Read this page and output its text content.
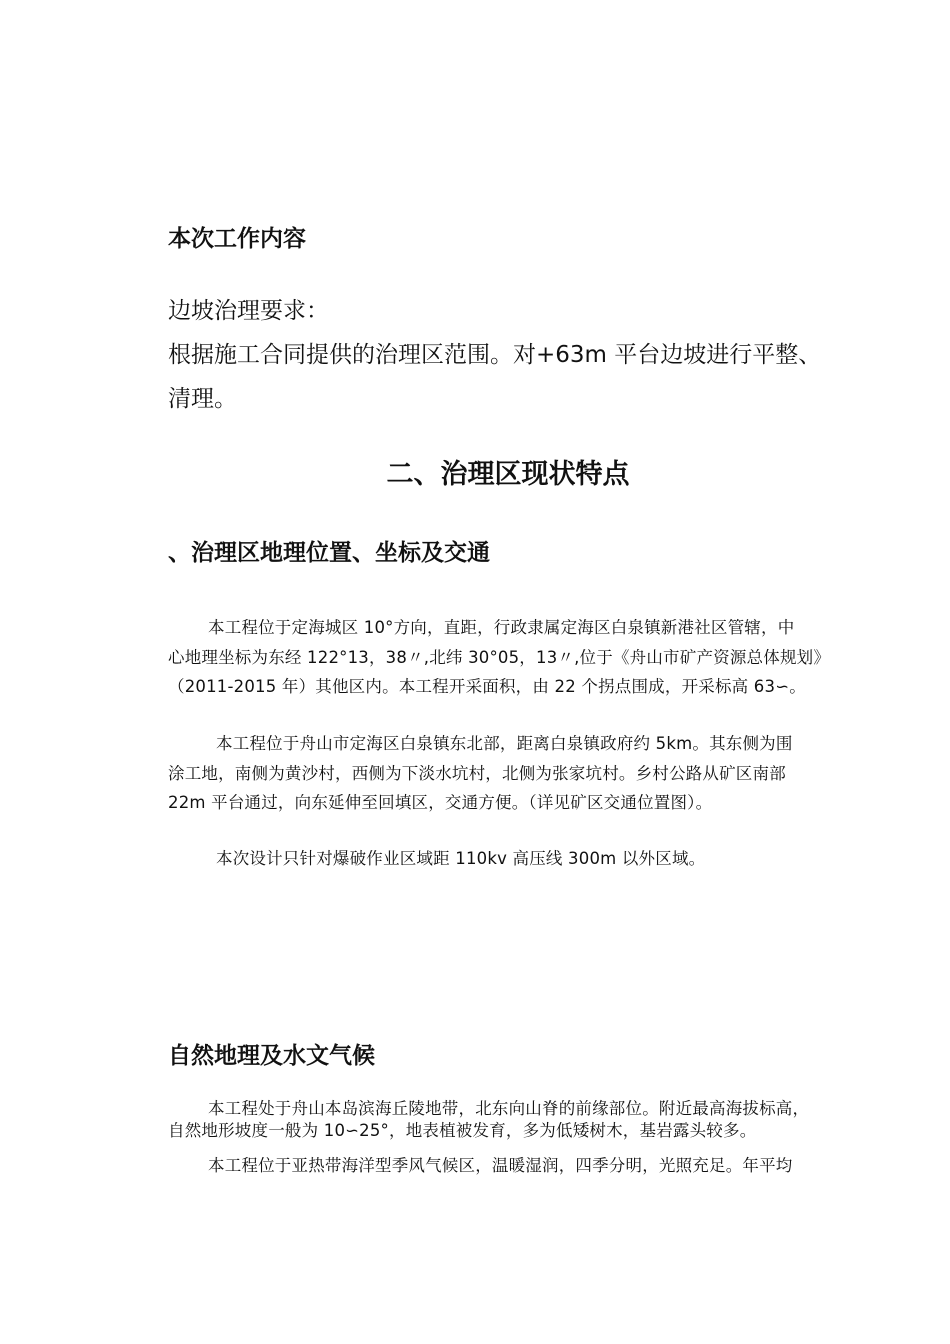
本次工作内容

边坡治理要求：

根据施工合同提供的治理区范围。对+63m 平台边坡进行平整、

清理。

二、治理区现状特点
、治理区地理位置、坐标及交通
本工程位于定海城区 10°方向，直距，行政隶属定海区白泉镇新港社区管辖，中
心地理坐标为东经 122°13，38〃,北纬 30°05，13〃,位于《舟山市矿产资源总体规划》
（2011-2015 年）其他区内。本工程开采面积，由 22 个拐点围成，开采标高 63∽。
本工程位于舟山市定海区白泉镇东北部，距离白泉镇政府约 5km。其东侧为围
涂工地，南侧为黄沙村，西侧为下淡水坑村，北侧为张家坑村。乡村公路从矿区南部
22m 平台通过，向东延伸至回填区，交通方便。（详见矿区交通位置图）。
本次设计只针对爆破作业区域距 110kv 高压线 300m 以外区域。
自然地理及水文气候
本工程处于舟山本岛滨海丘陵地带，北东向山脊的前缘部位。附近最高海拔标高，
自然地形坡度一般为 10∽25°，地表植被发育，多为低矮树木，基岩露头较多。
本工程位于亚热带海洋型季风气候区，温暖湿润，四季分明，光照充足。年平均
